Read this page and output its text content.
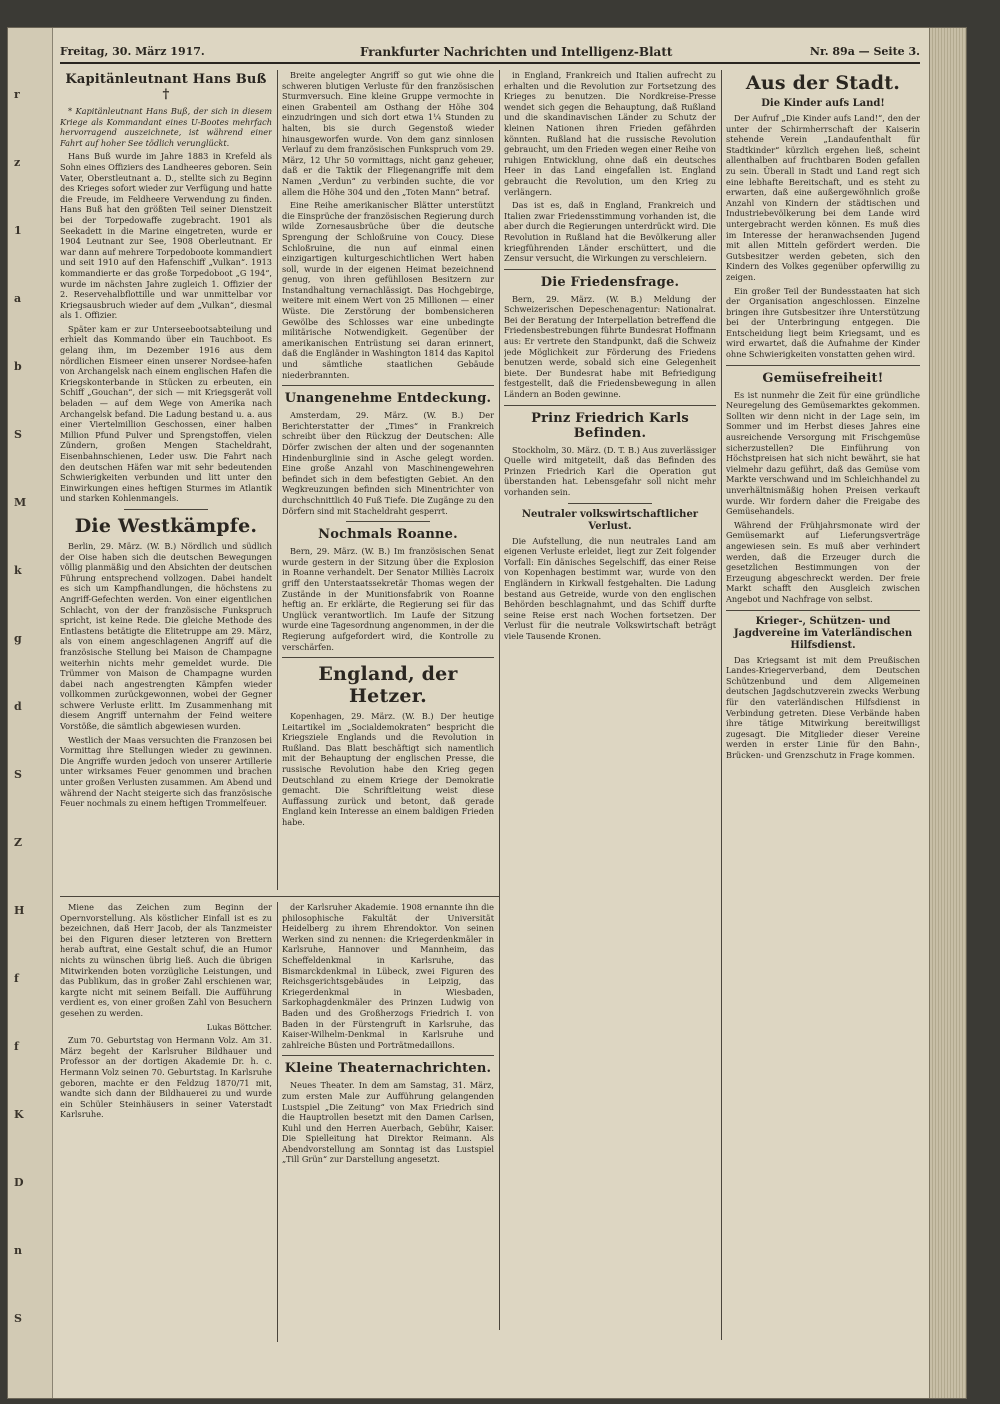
r
z
1
a
b
S
M
k
g
d
S
Z
H
f
f
K
D
n
S
Freitag, 30. März 1917.	Frankfurter Nachrichten und Intelligenz-Blatt	Nr. 89a — Seite 3.
Kapitänleutnant Hans Buß †

* Kapitänleutnant Hans Buß, der sich in diesem Kriege als Kommandant eines U-Bootes mehrfach hervorragend auszeichnete, ist während einer Fahrt auf hoher See tödlich verunglückt.

Hans Buß wurde im Jahre 1883 in Krefeld als Sohn eines Offiziers des Landheeres geboren. Sein Vater, Oberstleutnant a. D., stellte sich zu Beginn des Krieges sofort wieder zur Verfügung und hatte die Freude, im Feldheere Verwendung zu finden. Hans Buß hat den größten Teil seiner Dienstzeit bei der Torpedowaffe zugebracht. 1901 als Seekadett in die Marine eingetreten, wurde er 1904 Leutnant zur See, 1908 Oberleutnant. Er war dann auf mehrere Torpedoboote kommandiert und seit 1910 auf den Hafenschiff „Vulkan“. 1913 kommandierte er das große Torpedoboot „G 194“, wurde im nächsten Jahre zugleich 1. Offizier der 2. Reservehalbflottille und war unmittelbar vor Kriegsausbruch wieder auf dem „Vulkan“, diesmal als 1. Offizier.

Später kam er zur Unterseebootsabteilung und erhielt das Kommando über ein Tauchboot. Es gelang ihm, im Dezember 1916 aus dem nördlichen Eismeer einen unserer Nordsee-hafen von Archangelsk nach einem englischen Hafen die Kriegskonterbande in Stücken zu erbeuten, ein Schiff „Gouchan“, der sich — mit Kriegsgerät voll beladen — auf dem Wege von Amerika nach Archangelsk befand. Die Ladung bestand u. a. aus einer Viertelmillion Geschossen, einer halben Million Pfund Pulver und Sprengstoffen, vielen Zündern, großen Mengen Stacheldraht, Eisenbahnschienen, Leder usw. Die Fahrt nach den deutschen Häfen war mit sehr bedeutenden Schwierigkeiten verbunden und litt unter den Einwirkungen eines heftigen Sturmes im Atlantik und starken Kohlenmangels.

Die Westkämpfe.

Berlin, 29. März. (W. B.) Nördlich und südlich der Oise haben sich die deutschen Bewegungen völlig planmäßig und den Absichten der deutschen Führung entsprechend vollzogen. Dabei handelt es sich um Kampfhandlungen, die höchstens zu Angriff-Gefechten werden. Von einer eigentlichen Schlacht, von der der französische Funkspruch spricht, ist keine Rede. Die gleiche Methode des Entlastens betätigte die Elitetruppe am 29. März, als von einem angeschlagenen Angriff auf die französische Stellung bei Maison de Champagne weiterhin nichts mehr gemeldet wurde. Die Trümmer von Maison de Champagne wurden dabei nach angestrengten Kämpfen wieder vollkommen zurückgewonnen, wobei der Gegner schwere Verluste erlitt. Im Zusammenhang mit diesem Angriff unternahm der Feind weitere Vorstöße, die sämtlich abgewiesen wurden.

Westlich der Maas versuchten die Franzosen bei Vormittag ihre Stellungen wieder zu gewinnen. Die Angriffe wurden jedoch von unserer Artillerie unter wirksames Feuer genommen und brachen unter großen Verlusten zusammen. Am Abend und während der Nacht steigerte sich das französische Feuer nochmals zu einem heftigen Trommelfeuer.

Breite angelegter Angriff so gut wie ohne die schweren blutigen Verluste für den französischen Sturmversuch. Eine kleine Gruppe vermochte in einen Grabenteil am Osthang der Höhe 304 einzudringen und sich dort etwa 1¼ Stunden zu halten, bis sie durch Gegenstoß wieder hinausgeworfen wurde. Von dem ganz sinnlosen Verlauf zu dem französischen Funkspruch vom 29. März, 12 Uhr 50 vormittags, nicht ganz geheuer, daß er die Taktik der Fliegenangriffe mit dem Namen „Verdun“ zu verbinden suchte, die vor allem die Höhe 304 und den „Toten Mann“ betraf.

Eine Reihe amerikanischer Blätter unterstützt die Einsprüche der französischen Regierung durch wilde Zornesausbrüche über die deutsche Sprengung der Schloßruine von Coucy. Diese Schloßruine, die nun auf einmal einen einzigartigen kulturgeschichtlichen Wert haben soll, wurde in der eigenen Heimat bezeichnend genug, von ihren gefühllosen Besitzern zur Instandhaltung vernachlässigt. Das Hochgebirge, weitere mit einem Wert von 25 Millionen — einer Wüste. Die Zerstörung der bombensicheren Gewölbe des Schlosses war eine unbedingte militärische Notwendigkeit. Gegenüber der amerikanischen Entrüstung sei daran erinnert, daß die Engländer in Washington 1814 das Kapitol und sämtliche staatlichen Gebäude niederbrannten.

Unangenehme Entdeckung.

Amsterdam, 29. März. (W. B.) Der Berichterstatter der „Times“ in Frankreich schreibt über den Rückzug der Deutschen: Alle Dörfer zwischen der alten und der sogenannten Hindenburglinie sind in Asche gelegt worden. Eine große Anzahl von Maschinengewehren befindet sich in dem befestigten Gebiet. An den Wegkreuzungen befinden sich Minentrichter von durchschnittlich 40 Fuß Tiefe. Die Zugänge zu den Dörfern sind mit Stacheldraht gesperrt.

Nochmals Roanne.

Bern, 29. März. (W. B.) Im französischen Senat wurde gestern in der Sitzung über die Explosion in Roanne verhandelt. Der Senator Milliès Lacroix griff den Unterstaatssekretär Thomas wegen der Zustände in der Munitionsfabrik von Roanne heftig an. Er erklärte, die Regierung sei für das Unglück verantwortlich. Im Laufe der Sitzung wurde eine Tagesordnung angenommen, in der die Regierung aufgefordert wird, die Kontrolle zu verschärfen.

England, der Hetzer.

Kopenhagen, 29. März. (W. B.) Der heutige Leitartikel im „Socialdemokraten“ bespricht die Kriegsziele Englands und die Revolution in Rußland. Das Blatt beschäftigt sich namentlich mit der Behauptung der englischen Presse, die russische Revolution habe den Krieg gegen Deutschland zu einem Kriege der Demokratie gemacht. Die Schriftleitung weist diese Auffassung zurück und betont, daß gerade England kein Interesse an einem baldigen Frieden habe.

in England, Frankreich und Italien aufrecht zu erhalten und die Revolution zur Fortsetzung des Krieges zu benutzen. Die Nordkreise-Presse wendet sich gegen die Behauptung, daß Rußland und die skandinavischen Länder zu Schutz der kleinen Nationen ihren Frieden gefährden könnten. Rußland hat die russische Revolution gebraucht, um den Frieden wegen einer Reihe von ruhigen Entwicklung, ohne daß ein deutsches Heer in das Land eingefallen ist. England gebraucht die Revolution, um den Krieg zu verlängern.

Das ist es, daß in England, Frankreich und Italien zwar Friedensstimmung vorhanden ist, die aber durch die Regierungen unterdrückt wird. Die Revolution in Rußland hat die Bevölkerung aller kriegführenden Länder erschüttert, und die Zensur versucht, die Wirkungen zu verschleiern.

Die Friedensfrage.

Bern, 29. März. (W. B.) Meldung der Schweizerischen Depeschenagentur: Nationalrat. Bei der Beratung der Interpellation betreffend die Friedensbestrebungen führte Bundesrat Hoffmann aus: Er vertrete den Standpunkt, daß die Schweiz jede Möglichkeit zur Förderung des Friedens benutzen werde, sobald sich eine Gelegenheit biete. Der Bundesrat habe mit Befriedigung festgestellt, daß die Friedensbewegung in allen Ländern an Boden gewinne.

Prinz Friedrich Karls Befinden.

Stockholm, 30. März. (D. T. B.) Aus zuverlässiger Quelle wird mitgeteilt, daß das Befinden des Prinzen Friedrich Karl die Operation gut überstanden hat. Lebensgefahr soll nicht mehr vorhanden sein.

Neutraler volkswirtschaftlicher Verlust.

Die Aufstellung, die nun neutrales Land am eigenen Verluste erleidet, liegt zur Zeit folgender Vorfall: Ein dänisches Segelschiff, das einer Reise von Kopenhagen bestimmt war, wurde von den Engländern in Kirkwall festgehalten. Die Ladung bestand aus Getreide, wurde von den englischen Behörden beschlagnahmt, und das Schiff durfte seine Reise erst nach Wochen fortsetzen. Der Verlust für die neutrale Volkswirtschaft beträgt viele Tausende Kronen.

Aus der Stadt.
Die Kinder aufs Land!

Der Aufruf „Die Kinder aufs Land!“, den der unter der Schirmherrschaft der Kaiserin stehende Verein „Landaufenthalt für Stadtkinder“ kürzlich ergehen ließ, scheint allenthalben auf fruchtbaren Boden gefallen zu sein. Überall in Stadt und Land regt sich eine lebhafte Bereitschaft, und es steht zu erwarten, daß eine außergewöhnlich große Anzahl von Kindern der städtischen und Industriebevölkerung bei dem Lande wird untergebracht werden können. Es muß dies im Interesse der heranwachsenden Jugend mit allen Mitteln gefördert werden. Die Gutsbesitzer werden gebeten, sich den Kindern des Volkes gegenüber opferwillig zu zeigen.

Ein großer Teil der Bundesstaaten hat sich der Organisation angeschlossen. Einzelne bringen ihre Gutsbesitzer ihre Unterstützung bei der Unterbringung entgegen. Die Entscheidung liegt beim Kriegsamt, und es wird erwartet, daß die Aufnahme der Kinder ohne Schwierigkeiten vonstatten gehen wird.

Gemüsefreiheit!

Es ist nunmehr die Zeit für eine gründliche Neuregelung des Gemüsemarktes gekommen. Sollten wir denn nicht in der Lage sein, im Sommer und im Herbst dieses Jahres eine ausreichende Versorgung mit Frischgemüse sicherzustellen? Die Einführung von Höchstpreisen hat sich nicht bewährt, sie hat vielmehr dazu geführt, daß das Gemüse vom Markte verschwand und im Schleichhandel zu unverhältnismäßig hohen Preisen verkauft wurde. Wir fordern daher die Freigabe des Gemüsehandels.

Während der Frühjahrsmonate wird der Gemüsemarkt auf Lieferungsverträge angewiesen sein. Es muß aber verhindert werden, daß die Erzeuger durch die gesetzlichen Bestimmungen von der Erzeugung abgeschreckt werden. Der freie Markt schafft den Ausgleich zwischen Angebot und Nachfrage von selbst.

Krieger-, Schützen- und Jagdvereine im Vaterländischen Hilfsdienst.

Das Kriegsamt ist mit dem Preußischen Landes-Kriegerverband, dem Deutschen Schützenbund und dem Allgemeinen deutschen Jagdschutzverein zwecks Werbung für den vaterländischen Hilfsdienst in Verbindung getreten. Diese Verbände haben ihre tätige Mitwirkung bereitwilligst zugesagt. Die Mitglieder dieser Vereine werden in erster Linie für den Bahn-, Brücken- und Grenzschutz in Frage kommen.

Miene das Zeichen zum Beginn der Opernvorstellung. Als köstlicher Einfall ist es zu bezeichnen, daß Herr Jacob, der als Tanzmeister bei den Figuren dieser letzteren von Brettern herab auftrat, eine Gestalt schuf, die an Humor nichts zu wünschen übrig ließ. Auch die übrigen Mitwirkenden boten vorzügliche Leistungen, und das Publikum, das in großer Zahl erschienen war, kargte nicht mit seinem Beifall. Die Aufführung verdient es, von einer großen Zahl von Besuchern gesehen zu werden.

Lukas Böttcher.

Zum 70. Geburtstag von Hermann Volz. Am 31. März begeht der Karlsruher Bildhauer und Professor an der dortigen Akademie Dr. h. c. Hermann Volz seinen 70. Geburtstag. In Karlsruhe geboren, machte er den Feldzug 1870/71 mit, wandte sich dann der Bildhauerei zu und wurde ein Schüler Steinhäusers in seiner Vaterstadt Karlsruhe.

der Karlsruher Akademie. 1908 ernannte ihn die philosophische Fakultät der Universität Heidelberg zu ihrem Ehrendoktor. Von seinen Werken sind zu nennen: die Kriegerdenkmäler in Karlsruhe, Hannover und Mannheim, das Scheffeldenkmal in Karlsruhe, das Bismarckdenkmal in Lübeck, zwei Figuren des Reichsgerichtsgebäudes in Leipzig, das Kriegerdenkmal in Wiesbaden, Sarkophagdenkmäler des Prinzen Ludwig von Baden und des Großherzogs Friedrich I. von Baden in der Fürstengruft in Karlsruhe, das Kaiser-Wilhelm-Denkmal in Karlsruhe und zahlreiche Büsten und Porträtmedaillons.

Kleine Theaternachrichten.

Neues Theater. In dem am Samstag, 31. März, zum ersten Male zur Aufführung gelangenden Lustspiel „Die Zeitung“ von Max Friedrich sind die Hauptrollen besetzt mit den Damen Carlsen, Kuhl und den Herren Auerbach, Gebühr, Kaiser. Die Spielleitung hat Direktor Reimann. Als Abendvorstellung am Sonntag ist das Lustspiel „Till Grün“ zur Darstellung angesetzt.
